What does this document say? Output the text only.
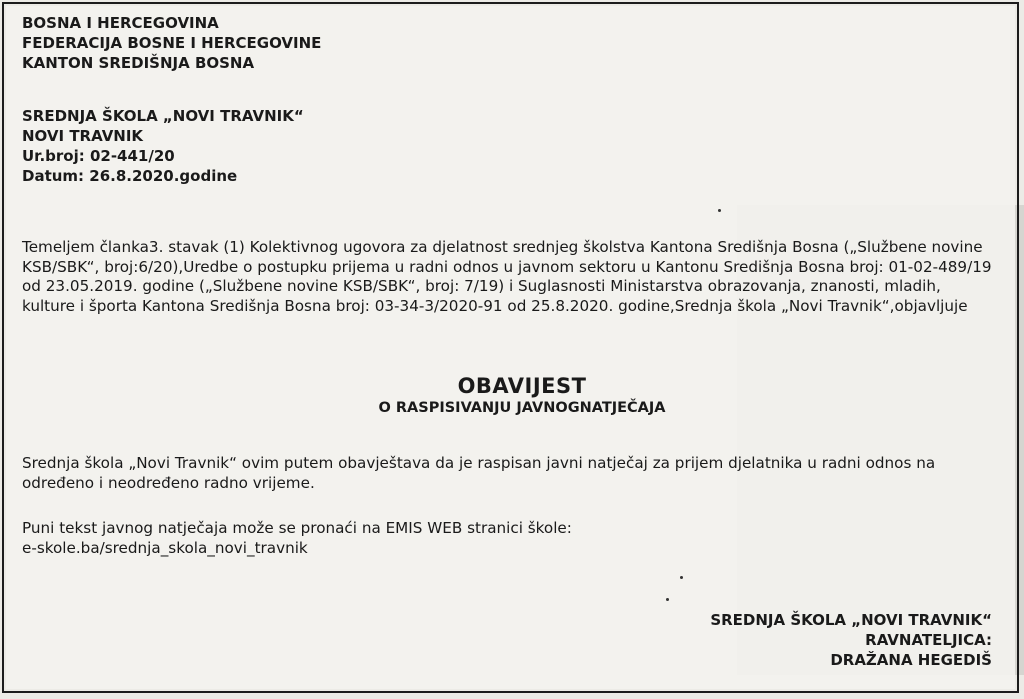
BOSNA I HERCEGOVINA
FEDERACIJA BOSNE I HERCEGOVINE
KANTON SREDIŠNJA BOSNA
SREDNJA ŠKOLA „NOVI TRAVNIK“
NOVI TRAVNIK
Ur.broj: 02-441/20
Datum: 26.8.2020.godine
Temeljem članka3. stavak (1) Kolektivnog ugovora za djelatnost srednjeg školstva Kantona Središnja Bosna („Službene novine KSB/SBK“, broj:6/20),Uredbe o postupku prijema u radni odnos u javnom sektoru u Kantonu Središnja Bosna broj: 01-02-489/19 od 23.05.2019. godine („Službene novine KSB/SBK“, broj: 7/19) i Suglasnosti Ministarstva obrazovanja, znanosti, mladih, kulture i športa Kantona Središnja Bosna broj: 03-34-3/2020-91 od 25.8.2020. godine,Srednja škola „Novi Travnik“,objavljuje
OBAVIJEST
O RASPISIVANJU JAVNOGNATJEČAJA
Srednja škola „Novi Travnik“ ovim putem obavještava da je raspisan javni natječaj za prijem djelatnika u radni odnos na određeno i neodređeno radno vrijeme.
Puni tekst javnog natječaja može se pronaći na EMIS WEB stranici škole:
e-skole.ba/srednja_skola_novi_travnik
SREDNJA ŠKOLA „NOVI TRAVNIK“
RAVNATELJICA:
DRAŽANA HEGEDIŠ
